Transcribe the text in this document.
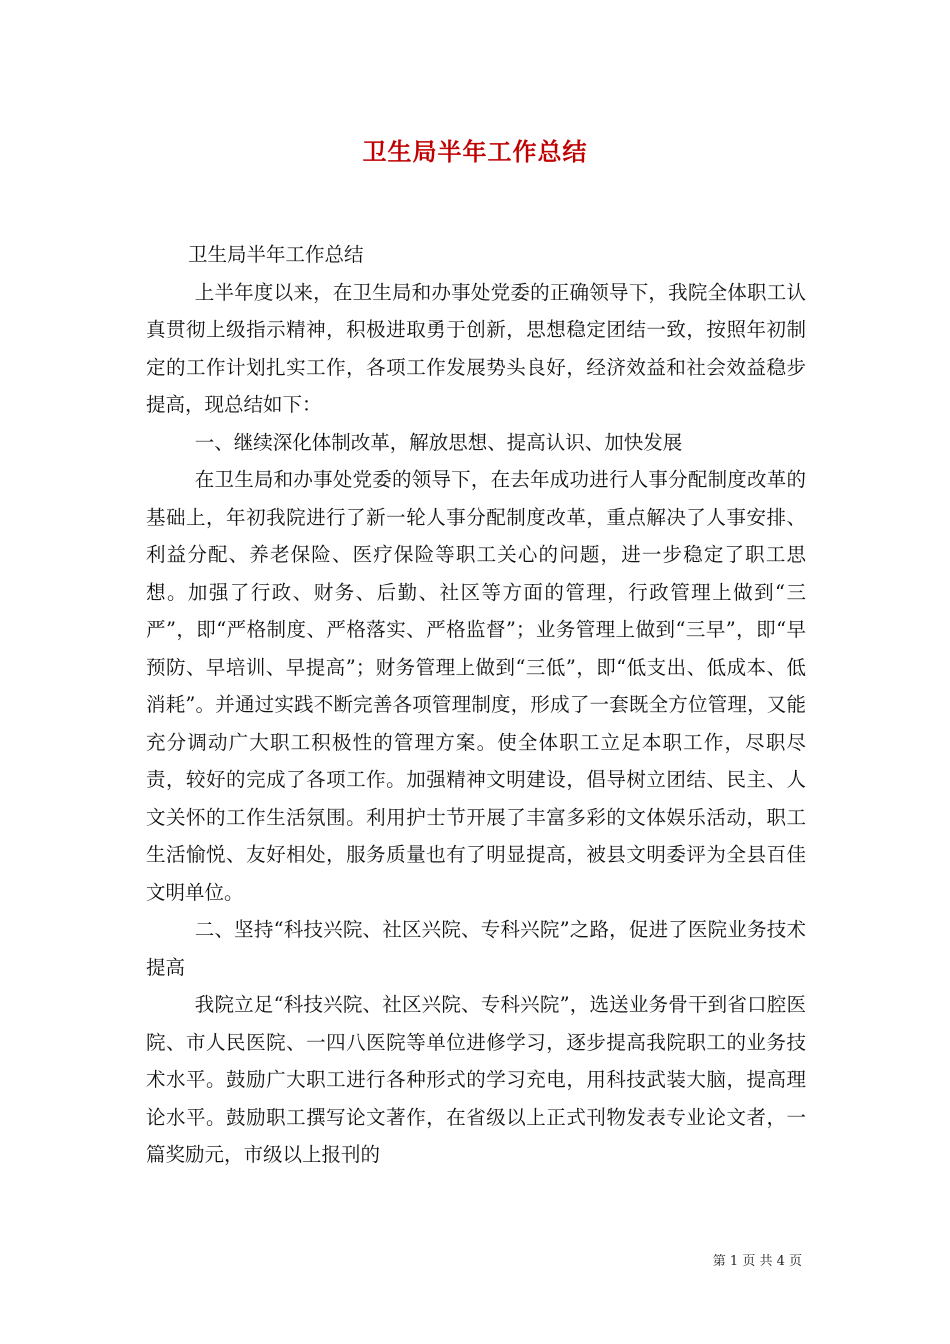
卫生局半年工作总结

卫生局半年工作总结

上半年度以来，在卫生局和办事处党委的正确领导下，我院全体职工认真贯彻上级指示精神，积极进取勇于创新，思想稳定团结一致，按照年初制定的工作计划扎实工作，各项工作发展势头良好，经济效益和社会效益稳步提高，现总结如下：

一、继续深化体制改革，解放思想、提高认识、加快发展

在卫生局和办事处党委的领导下，在去年成功进行人事分配制度改革的基础上，年初我院进行了新一轮人事分配制度改革，重点解决了人事安排、利益分配、养老保险、医疗保险等职工关心的问题，进一步稳定了职工思想。加强了行政、财务、后勤、社区等方面的管理，行政管理上做到“三严”，即“严格制度、严格落实、严格监督”；业务管理上做到“三早”，即“早预防、早培训、早提高”；财务管理上做到“三低”，即“低支出、低成本、低消耗”。并通过实践不断完善各项管理制度，形成了一套既全方位管理，又能充分调动广大职工积极性的管理方案。使全体职工立足本职工作，尽职尽责，较好的完成了各项工作。加强精神文明建设，倡导树立团结、民主、人文关怀的工作生活氛围。利用护士节开展了丰富多彩的文体娱乐活动，职工生活愉悦、友好相处，服务质量也有了明显提高，被县文明委评为全县百佳文明单位。

二、坚持“科技兴院、社区兴院、专科兴院”之路，促进了医院业务技术提高

我院立足“科技兴院、社区兴院、专科兴院”，选送业务骨干到省口腔医院、市人民医院、一四八医院等单位进修学习，逐步提高我院职工的业务技术水平。鼓励广大职工进行各种形式的学习充电，用科技武装大脑，提高理论水平。鼓励职工撰写论文著作，在省级以上正式刊物发表专业论文者，一篇奖励元，市级以上报刊的

第 1 页 共 4 页
